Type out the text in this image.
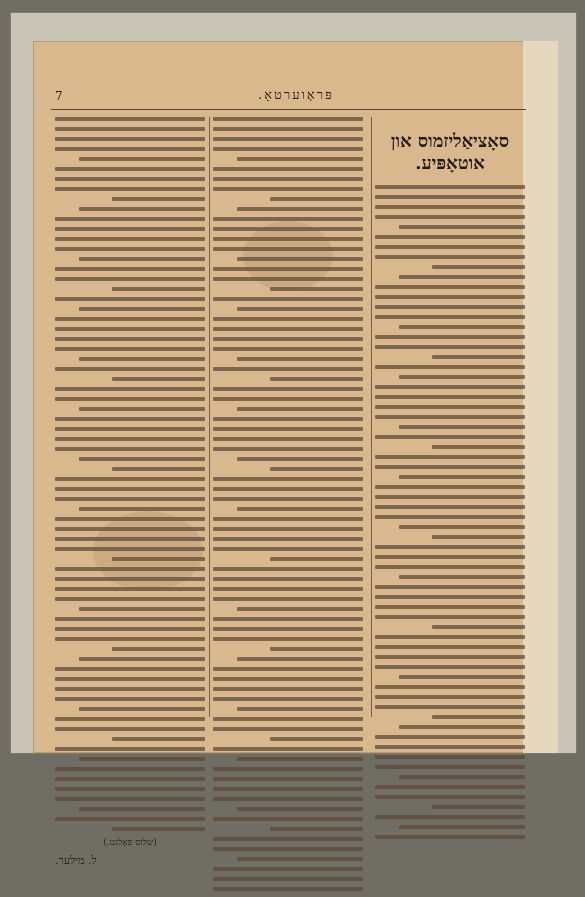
7	פּראָוערטאָ.
סאָציאַליזמוס און
אוטאָפּיע.
(שלוס פאָלגט.)
ל. מילער.
